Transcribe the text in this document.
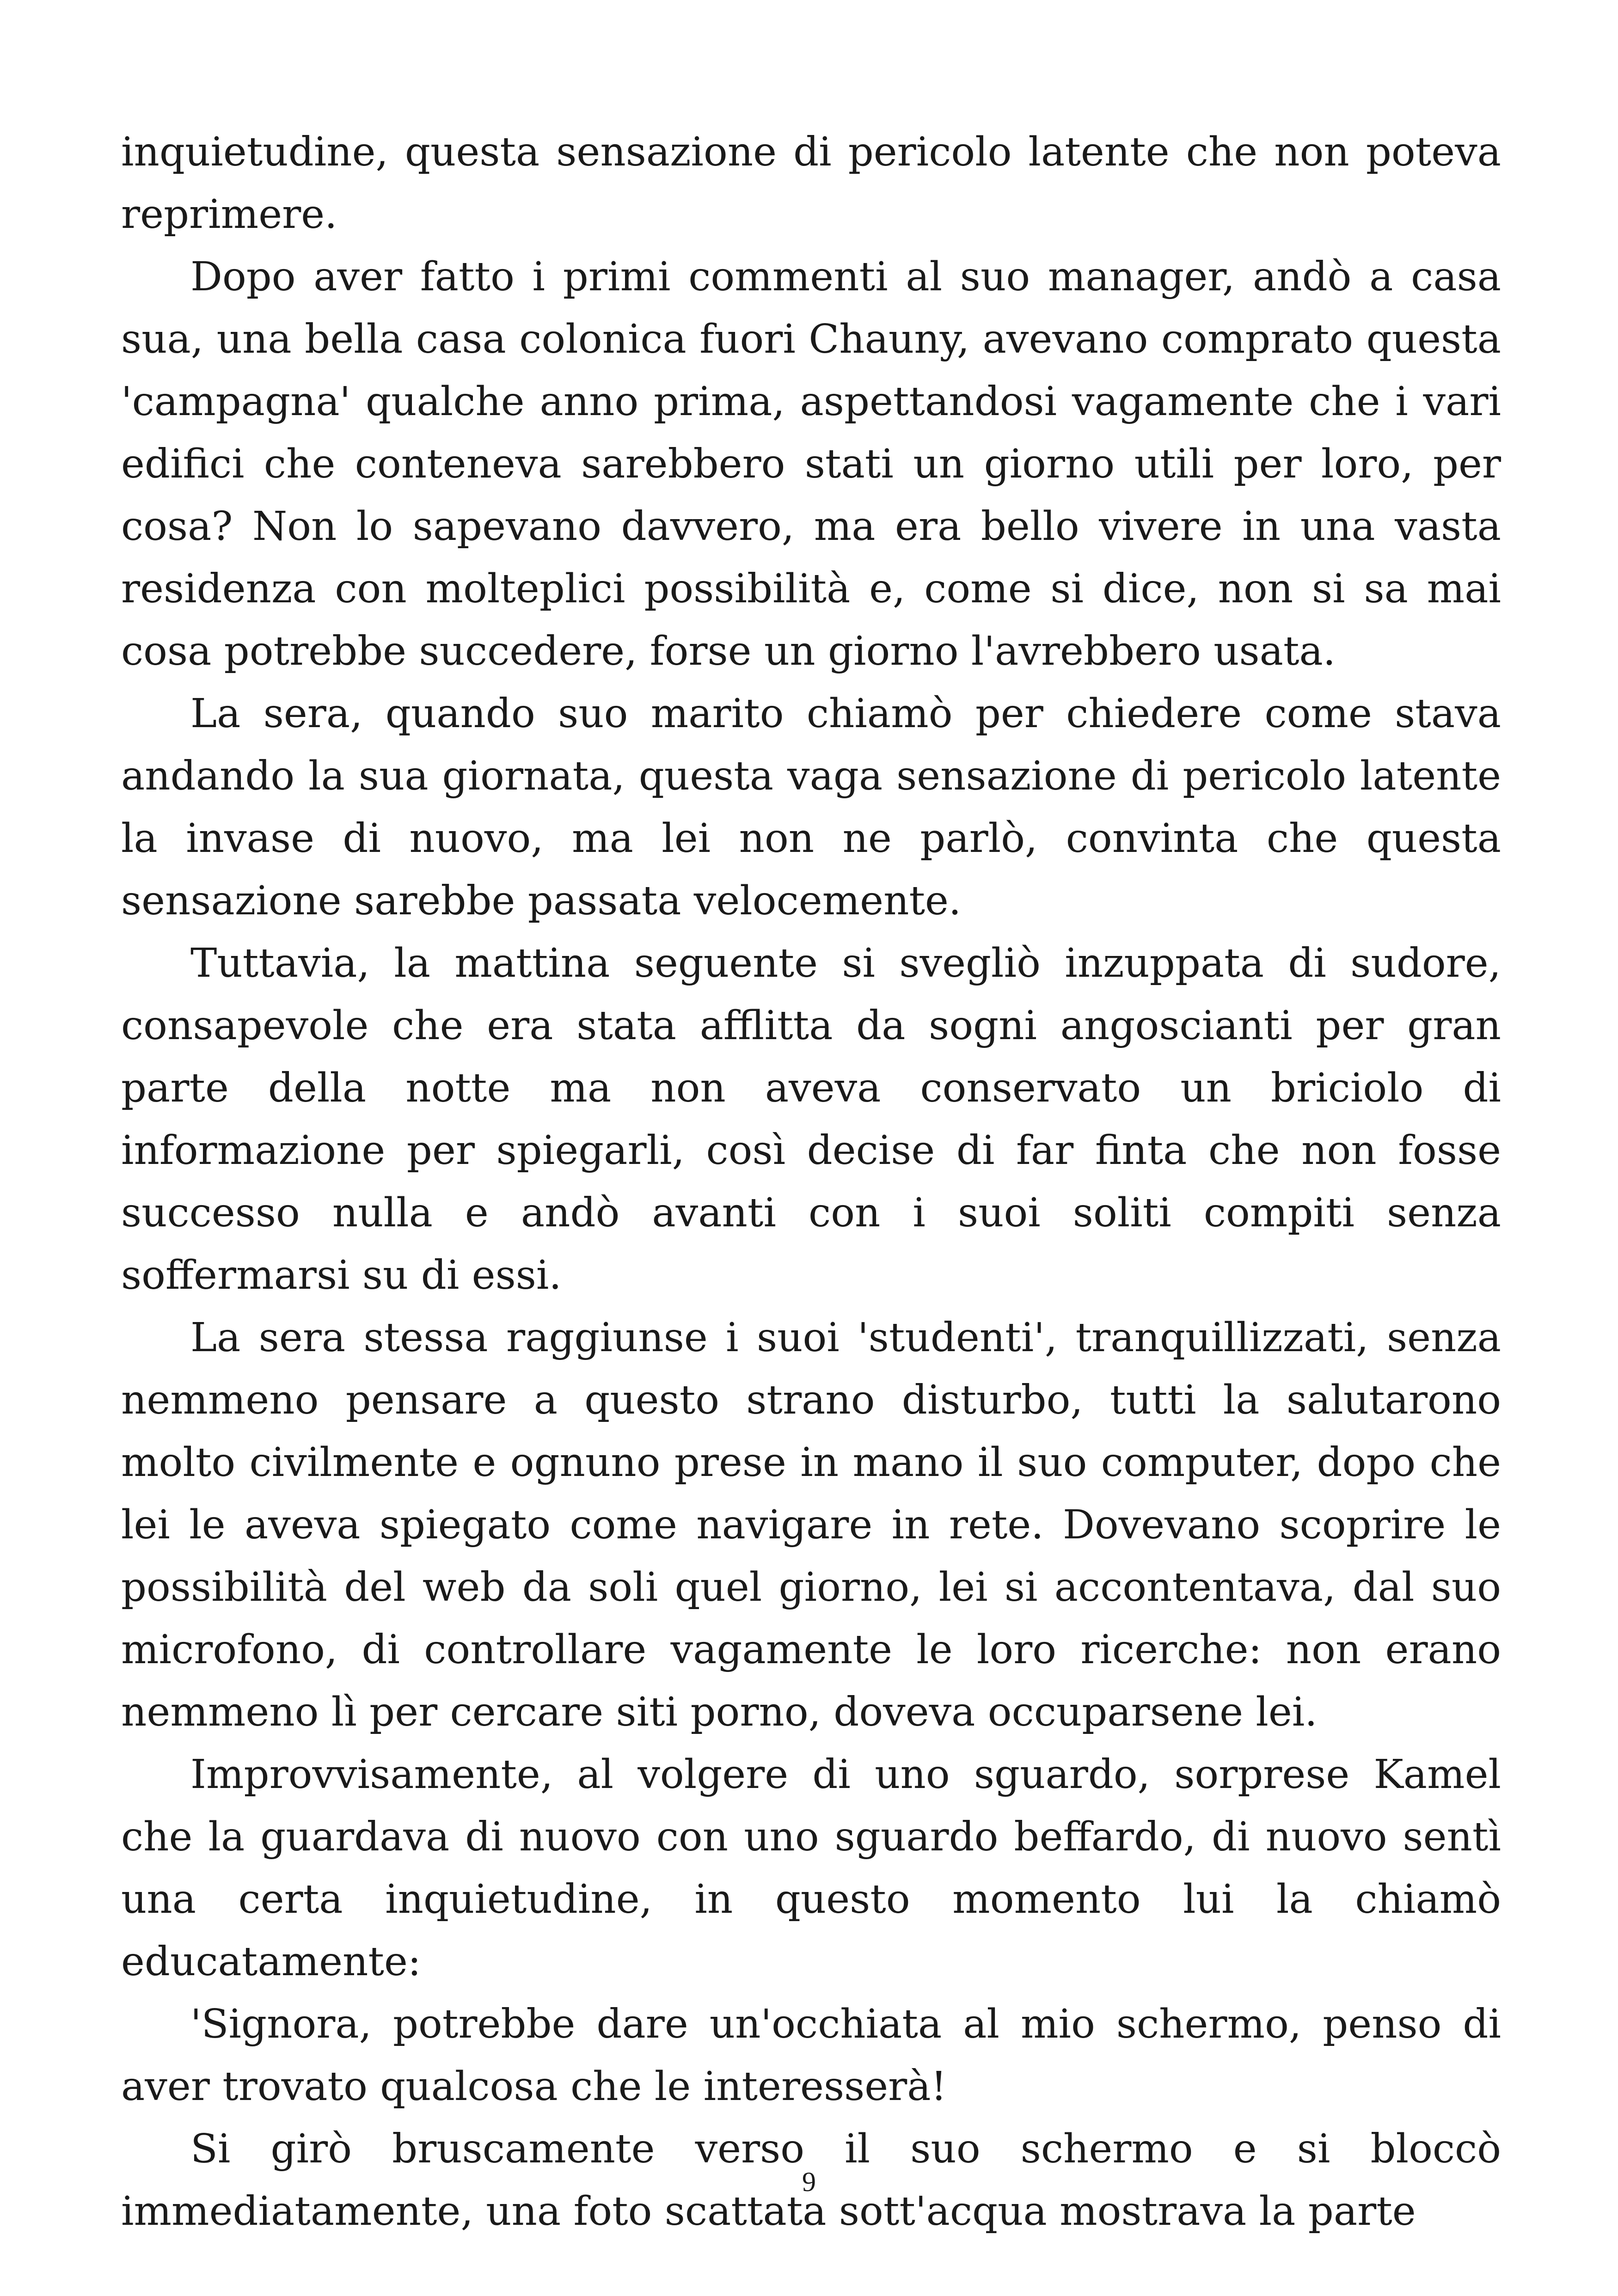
inquietudine, questa sensazione di pericolo latente che non poteva reprimere.

Dopo aver fatto i primi commenti al suo manager, andò a casa sua, una bella casa colonica fuori Chauny, avevano comprato questa 'campagna' qualche anno prima, aspettandosi vagamente che i vari edifici che conteneva sarebbero stati un giorno utili per loro, per cosa? Non lo sapevano davvero, ma era bello vivere in una vasta residenza con molteplici possibilità e, come si dice, non si sa mai cosa potrebbe succedere, forse un giorno l'avrebbero usata.

La sera, quando suo marito chiamò per chiedere come stava andando la sua giornata, questa vaga sensazione di pericolo latente la invase di nuovo, ma lei non ne parlò, convinta che questa sensazione sarebbe passata velocemente.

Tuttavia, la mattina seguente si svegliò inzuppata di sudore, consapevole che era stata afflitta da sogni angoscianti per gran parte della notte ma non aveva conservato un briciolo di informazione per spiegarli, così decise di far finta che non fosse successo nulla e andò avanti con i suoi soliti compiti senza soffermarsi su di essi.

La sera stessa raggiunse i suoi 'studenti', tranquillizzati, senza nemmeno pensare a questo strano disturbo, tutti la salutarono molto civilmente e ognuno prese in mano il suo computer, dopo che lei le aveva spiegato come navigare in rete. Dovevano scoprire le possibilità del web da soli quel giorno, lei si accontentava, dal suo microfono, di controllare vagamente le loro ricerche: non erano nemmeno lì per cercare siti porno, doveva occuparsene lei.

Improvvisamente, al volgere di uno sguardo, sorprese Kamel che la guardava di nuovo con uno sguardo beffardo, di nuovo sentì una certa inquietudine, in questo momento lui la chiamò educatamente:

'Signora, potrebbe dare un'occhiata al mio schermo, penso di aver trovato qualcosa che le interesserà!

Si girò bruscamente verso il suo schermo e si bloccò immediatamente, una foto scattata sott'acqua mostrava la parte

9
